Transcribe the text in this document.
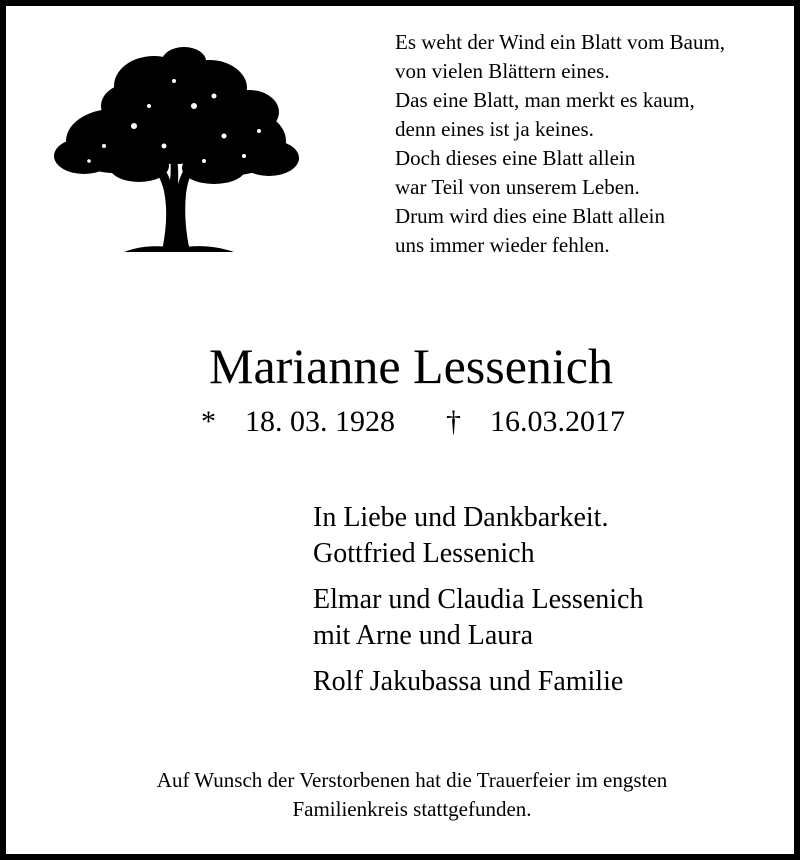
Es weht der Wind ein Blatt vom Baum,
von vielen Blättern eines.
Das eine Blatt, man merkt es kaum,
denn eines ist ja keines.
Doch dieses eine Blatt allein
war Teil von unserem Leben.
Drum wird dies eine Blatt allein
uns immer wieder fehlen.
Marianne Lessenich
* 18. 03. 1928 † 16.03.2017
In Liebe und Dankbarkeit.
Gottfried Lessenich
Elmar und Claudia Lessenich
mit Arne und Laura
Rolf Jakubassa und Familie
Auf Wunsch der Verstorbenen hat die Trauerfeier im engsten
Familienkreis stattgefunden.
